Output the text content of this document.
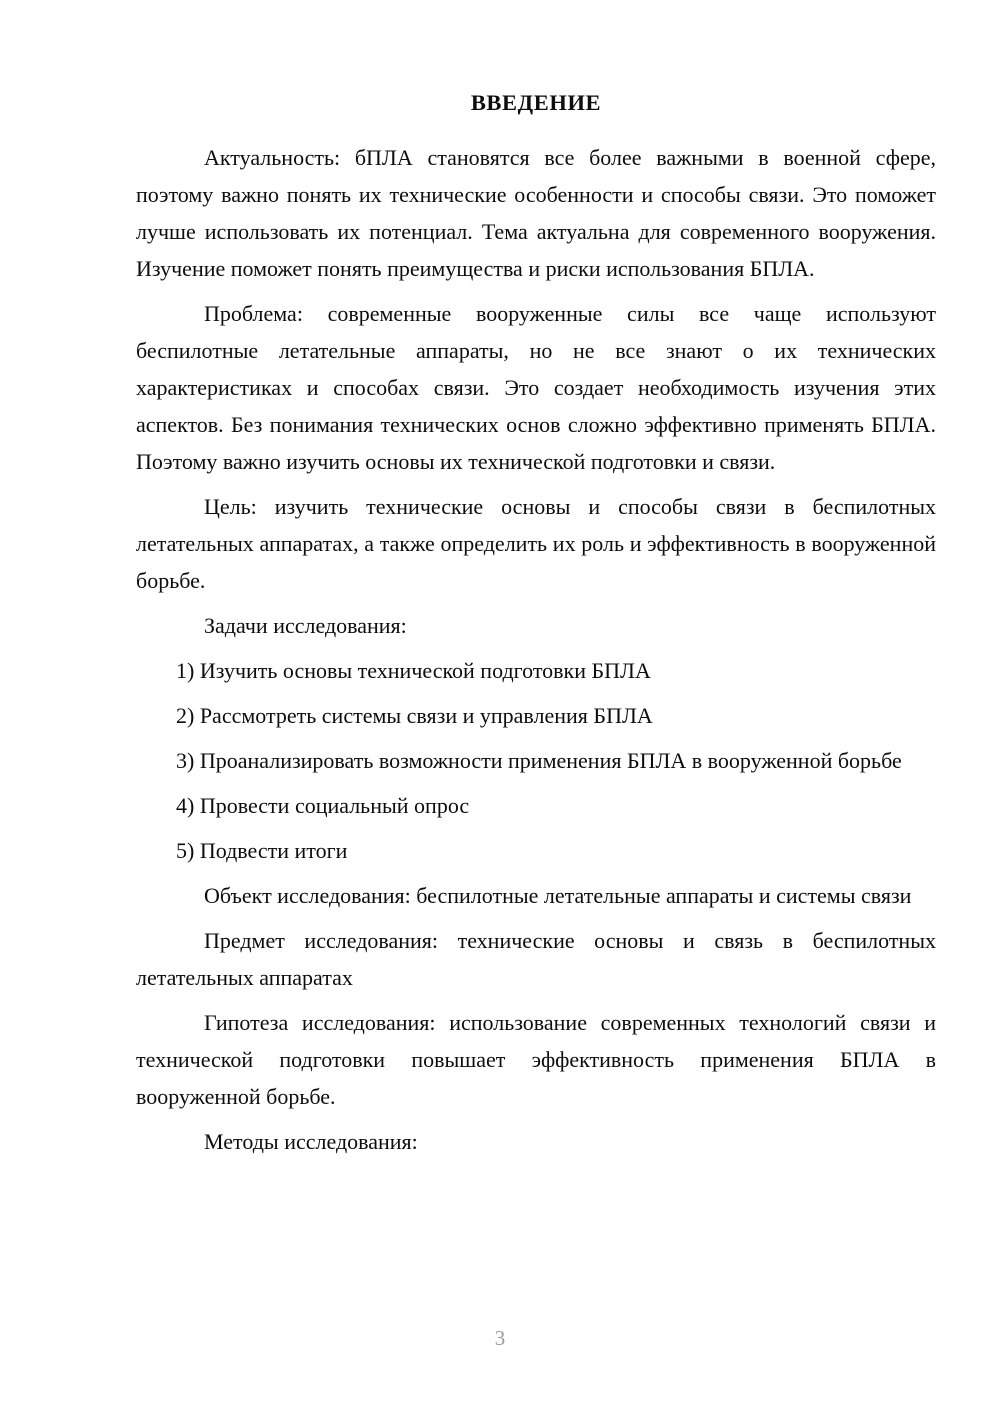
ВВЕДЕНИЕ

Актуальность: бПЛА становятся все более важными в военной сфере, поэтому важно понять их технические особенности и способы связи. Это поможет лучше использовать их потенциал. Тема актуальна для современного вооружения. Изучение поможет понять преимущества и риски использования БПЛА.

Проблема: современные вооруженные силы все чаще используют беспилотные летательные аппараты, но не все знают о их технических характеристиках и способах связи. Это создает необходимость изучения этих аспектов. Без понимания технических основ сложно эффективно применять БПЛА. Поэтому важно изучить основы их технической подготовки и связи.

Цель: изучить технические основы и способы связи в беспилотных летательных аппаратах, а также определить их роль и эффективность в вооруженной борьбе.

Задачи исследования:

1) Изучить основы технической подготовки БПЛА

2) Рассмотреть системы связи и управления БПЛА

3) Проанализировать возможности применения БПЛА в вооруженной борьбе

4) Провести социальный опрос

5) Подвести итоги

Объект исследования: беспилотные летательные аппараты и системы связи

Предмет исследования: технические основы и связь в беспилотных летательных аппаратах

Гипотеза исследования: использование современных технологий связи и технической подготовки повышает эффективность применения БПЛА в вооруженной борьбе.

Методы исследования:

3
